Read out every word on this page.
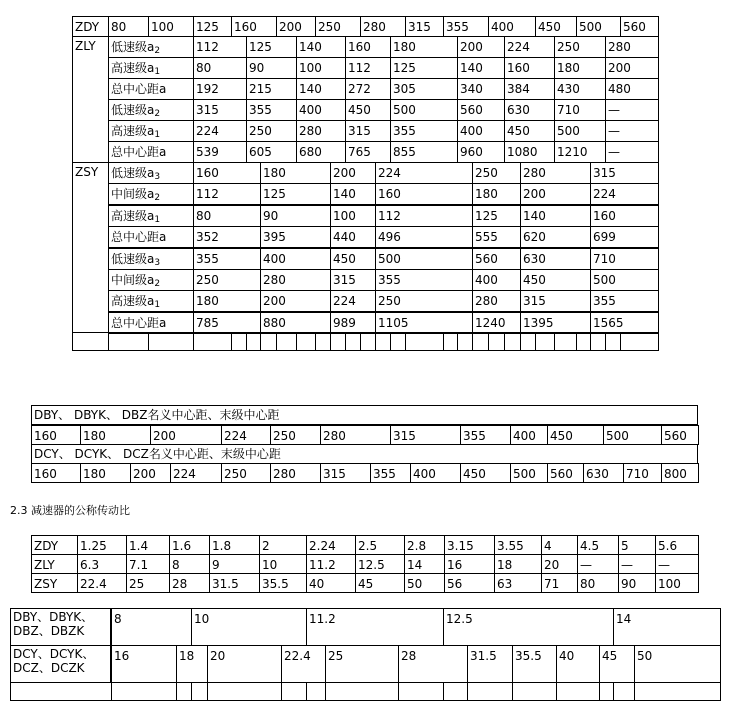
ZDY 80	100	125	160	200	250	280	315	355	400	450	500	560
ZLY	低速级$a_2$	112	125	140	160	180	200	224	250	280
高速级$a_1$	80	90	100	112	125	140	160	180	200
总中心距a	192	215	140	272	305	340	384	430	480
低速级$a_2$	315	355	400	450	500	560	630	710	—
高速级$a_1$	224	250	280	315	355	400	450	500	—
总中心距a	539	605	680	765	855	960	1080	1210	—
ZSY	低速级$a_3$	160	180	200	224	250	280	315
中间级$a_2$	112	125	140	160	180	200	224
高速级$a_1$	80	90	100	112	125	140	160
总中心距a	352	395	440	496	555	620	699
低速级$a_3$	355	400	450	500	560	630	710
中间级$a_2$	250	280	315	355	400	450	500
高速级$a_1$	180	200	224	250	280	315	355
总中心距a	785	880	989	1105	1240	1395	1565
DBY、 DBYK、 DBZ名义中心距、末级中心距
160	180	200	224	250	280	315	355	400	450	500	560
DCY、 DCYK、 DCZ名义中心距、末级中心距
160	180	200	224	250	280	315	355	400	450	500	560	630	710	800
2.3 减速器的公称传动比
ZDY	1.25	1.4	1.6	1.8	2	2.24	2.5	2.8	3.15	3.55	4	4.5	5	5.6
ZLY	6.3	7.1	8	9	10	11.2	12.5	14	16	18	20	—	—	—
ZSY	22.4	25	28	31.5	35.5	40	45	50	56	63	71	80	90	100
DBY、DBYK、DBZ、DBZK
8	10	11.2	12.5	14
DCY、DCYK、DCZ、DCZK
16	18	20	22.4	25	28	31.5	35.5	40	45	50
